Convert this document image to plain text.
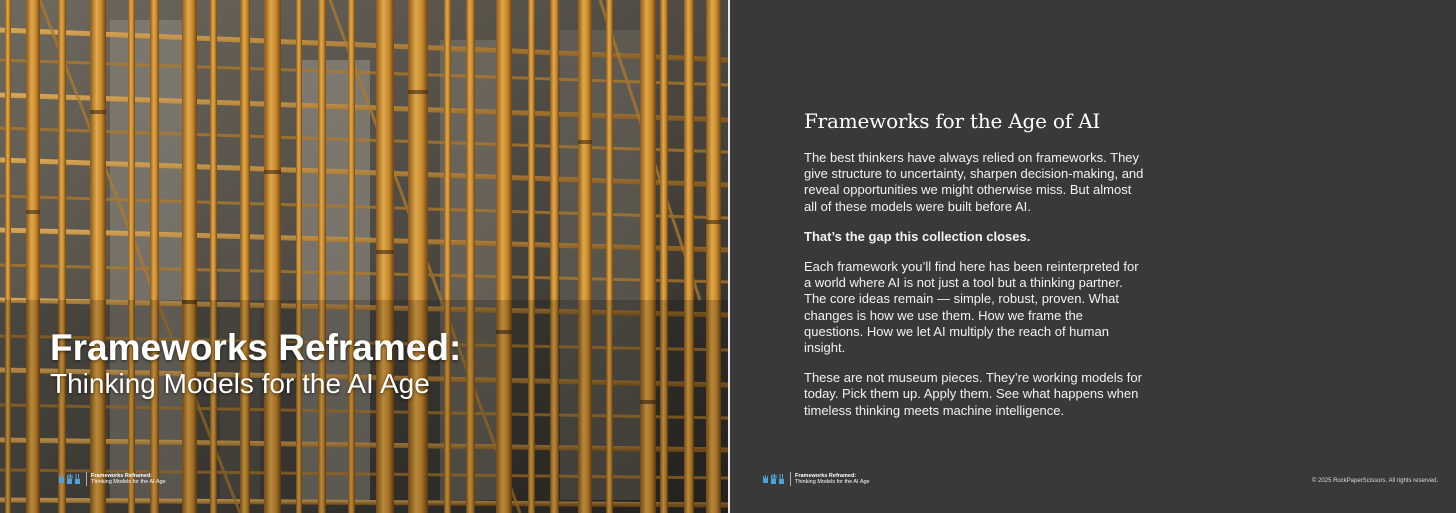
Frameworks Reframed:
Thinking Models for the AI Age
Frameworks Reframed:
Thinking Models for the AI Age
Frameworks Reframed:
Thinking Models for the AI Age
Frameworks for the Age of AI

The best thinkers have always relied on frameworks. They give structure to uncertainty, sharpen decision-making, and reveal opportunities we might otherwise miss. But almost all of these models were built before AI.

That’s the gap this collection closes.

Each framework you’ll find here has been reinterpreted for a world where AI is not just a tool but a thinking partner. The core ideas remain — simple, robust, proven. What changes is how we use them. How we frame the questions. How we let AI multiply the reach of human insight.

These are not museum pieces. They’re working models for today. Pick them up. Apply them. See what happens when timeless thinking meets machine intelligence.

© 2025 RockPaperScissors. All rights reserved.
